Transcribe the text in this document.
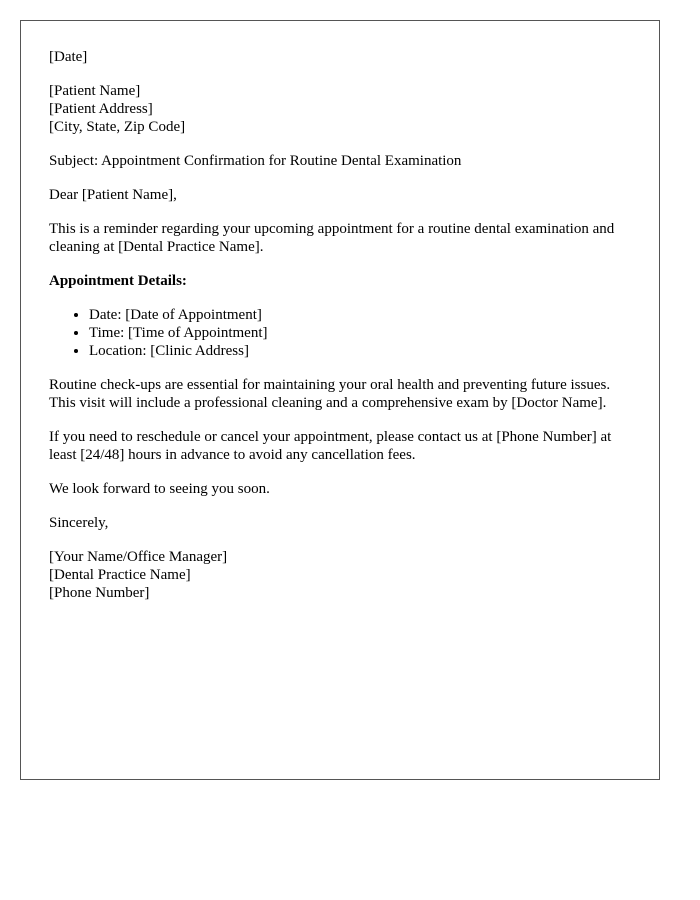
[Date]
[Patient Name]
[Patient Address]
[City, State, Zip Code]

Subject: Appointment Confirmation for Routine Dental Examination

Dear [Patient Name],

This is a reminder regarding your upcoming appointment for a routine dental examination and cleaning at [Dental Practice Name].

Appointment Details:
• Date: [Date of Appointment]
• Time: [Time of Appointment]
• Location: [Clinic Address]

Routine check-ups are essential for maintaining your oral health and preventing future issues. This visit will include a professional cleaning and a comprehensive exam by [Doctor Name].

If you need to reschedule or cancel your appointment, please contact us at [Phone Number] at least [24/48] hours in advance to avoid any cancellation fees.

We look forward to seeing you soon.

Sincerely,

[Your Name/Office Manager]
[Dental Practice Name]
[Phone Number]
